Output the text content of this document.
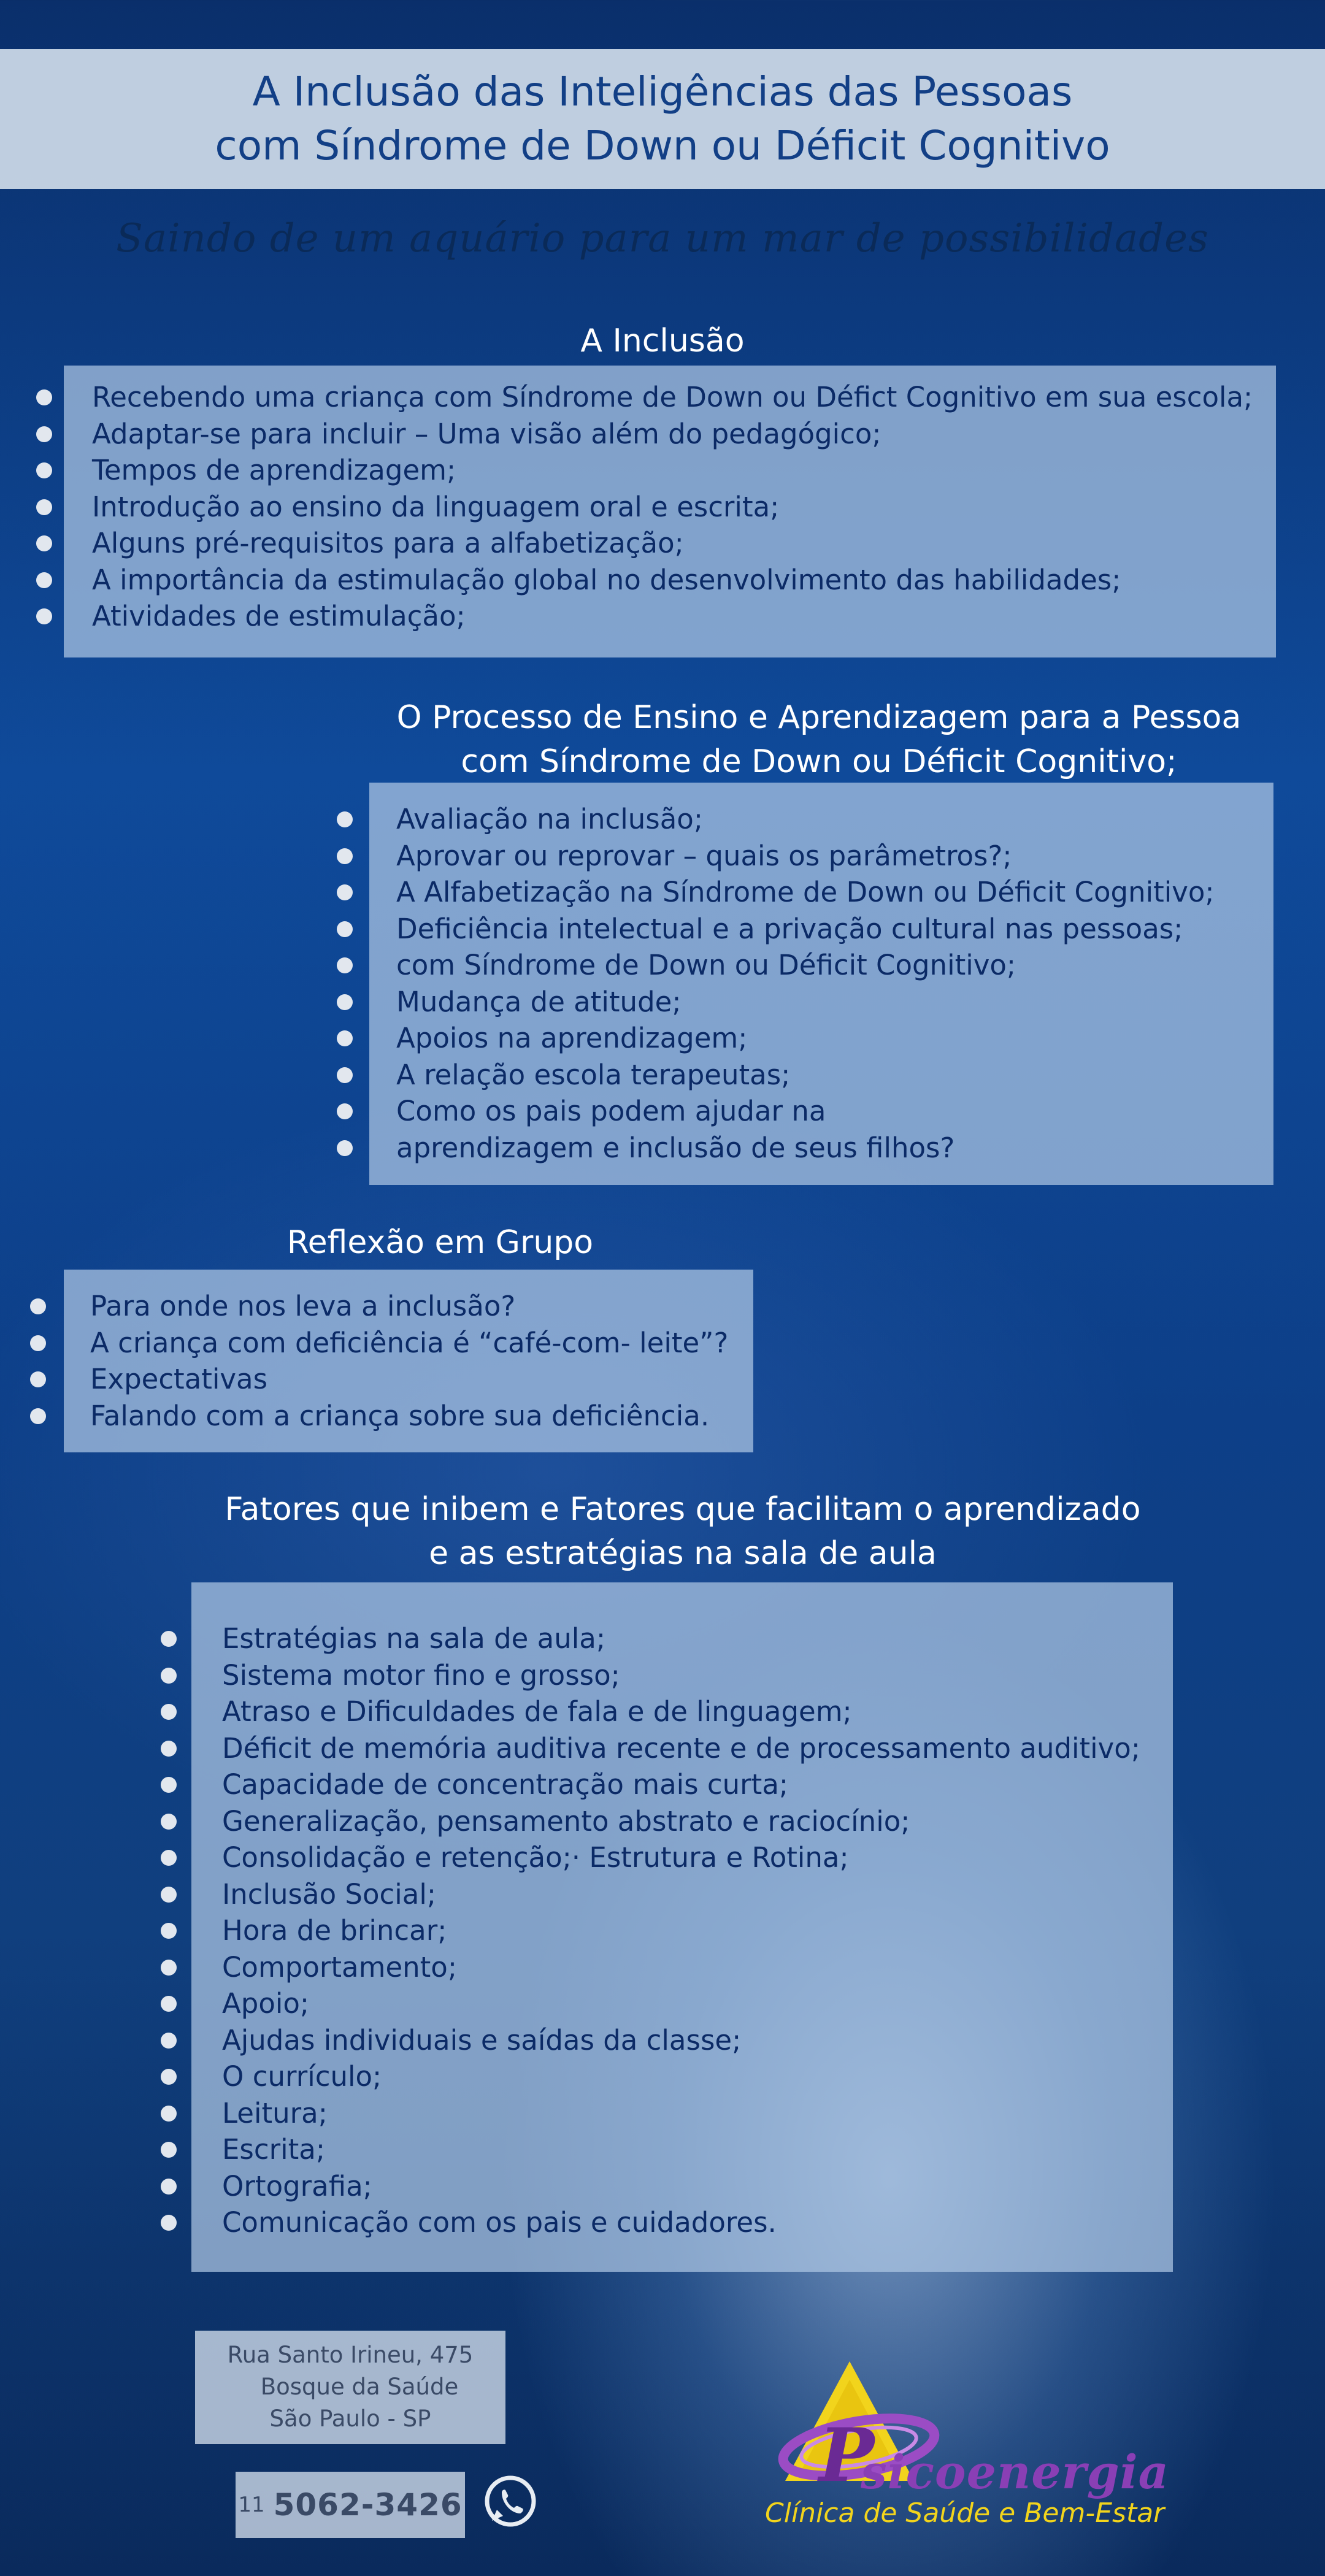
A Inclusão das Inteligências das Pessoas
com Síndrome de Down ou Déficit Cognitivo
Saindo de um aquário para um mar de possibilidades
A Inclusão
Recebendo uma criança com Síndrome de Down ou Défict Cognitivo em sua escola;
Adaptar-se para incluir – Uma visão além do pedagógico;
Tempos de aprendizagem;
Introdução ao ensino da linguagem oral e escrita;
Alguns pré-requisitos para a alfabetização;
A importância da estimulação global no desenvolvimento das habilidades;
Atividades de estimulação;
O Processo de Ensino e Aprendizagem para a Pessoa
com Síndrome de Down ou Déficit Cognitivo;
Avaliação na inclusão;
Aprovar ou reprovar – quais os parâmetros?;
A Alfabetização na Síndrome de Down ou Déficit Cognitivo;
Deficiência intelectual e a privação cultural nas pessoas;
com Síndrome de Down ou Déficit Cognitivo;
Mudança de atitude;
Apoios na aprendizagem;
A relação escola terapeutas;
Como os pais podem ajudar na
aprendizagem e inclusão de seus filhos?
Reflexão em Grupo
Para onde nos leva a inclusão?
A criança com deficiência é “café-com- leite”?
Expectativas
Falando com a criança sobre sua deficiência.
Fatores que inibem e Fatores que facilitam o aprendizado
e as estratégias na sala de aula
Estratégias na sala de aula;
Sistema motor fino e grosso;
Atraso e Dificuldades de fala e de linguagem;
Déficit de memória auditiva recente e de processamento auditivo;
Capacidade de concentração mais curta;
Generalização, pensamento abstrato e raciocínio;
Consolidação e retenção;· Estrutura e Rotina;
Inclusão Social;
Hora de brincar;
Comportamento;
Apoio;
Ajudas individuais e saídas da classe;
O currículo;
Leitura;
Escrita;
Ortografia;
Comunicação com os pais e cuidadores.
Rua Santo Irineu, 475
Bosque da Saúde
São Paulo - SP
11 5062-3426
P
sicoenergia
Clínica de Saúde e Bem-Estar
